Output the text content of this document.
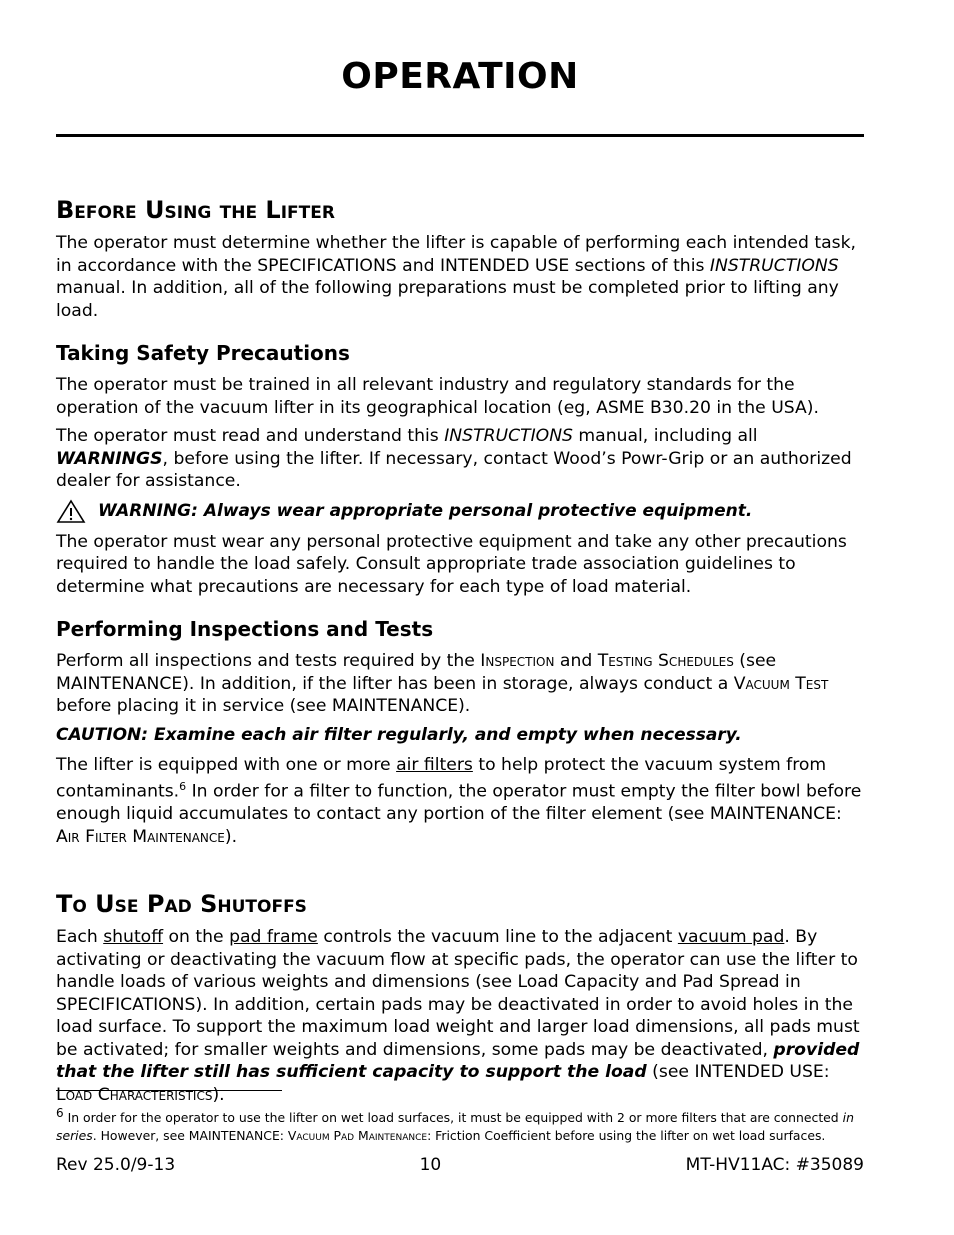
OPERATION
Before Using the Lifter

The operator must determine whether the lifter is capable of performing each intended task, in accordance with the SPECIFICATIONS and INTENDED USE sections of this INSTRUCTIONS manual. In addition, all of the following preparations must be completed prior to lifting any load.

Taking Safety Precautions

The operator must be trained in all relevant industry and regulatory standards for the operation of the vacuum lifter in its geographical location (eg, ASME B30.20 in the USA).

The operator must read and understand this INSTRUCTIONS manual, including all WARNINGS, before using the lifter. If necessary, contact Wood’s Powr-Grip or an authorized dealer for assistance.

WARNING: Always wear appropriate personal protective equipment.

The operator must wear any personal protective equipment and take any other precautions required to handle the load safely. Consult appropriate trade association guidelines to determine what precautions are necessary for each type of load material.

Performing Inspections and Tests

Perform all inspections and tests required by the Inspection and Testing Schedules (see MAINTENANCE). In addition, if the lifter has been in storage, always conduct a Vacuum Test before placing it in service (see MAINTENANCE).

CAUTION: Examine each air filter regularly, and empty when necessary.

The lifter is equipped with one or more air filters to help protect the vacuum system from contaminants.$^6$ In order for a filter to function, the operator must empty the filter bowl before enough liquid accumulates to contact any portion of the filter element (see MAINTENANCE: Air Filter Maintenance).

To Use Pad Shutoffs

Each shutoff on the pad frame controls the vacuum line to the adjacent vacuum pad. By activating or deactivating the vacuum flow at specific pads, the operator can use the lifter to handle loads of various weights and dimensions (see Load Capacity and Pad Spread in SPECIFICATIONS). In addition, certain pads may be deactivated in order to avoid holes in the load surface. To support the maximum load weight and larger load dimensions, all pads must be activated; for smaller weights and dimensions, some pads may be deactivated, provided that the lifter still has sufficient capacity to support the load (see INTENDED USE: Load Characteristics).

$^6$ In order for the operator to use the lifter on wet load surfaces, it must be equipped with 2 or more filters that are connected in series. However, see MAINTENANCE: Vacuum Pad Maintenance: Friction Coefficient before using the lifter on wet load surfaces.
Rev 25.0/9-13	10	MT-HV11AC: #35089
